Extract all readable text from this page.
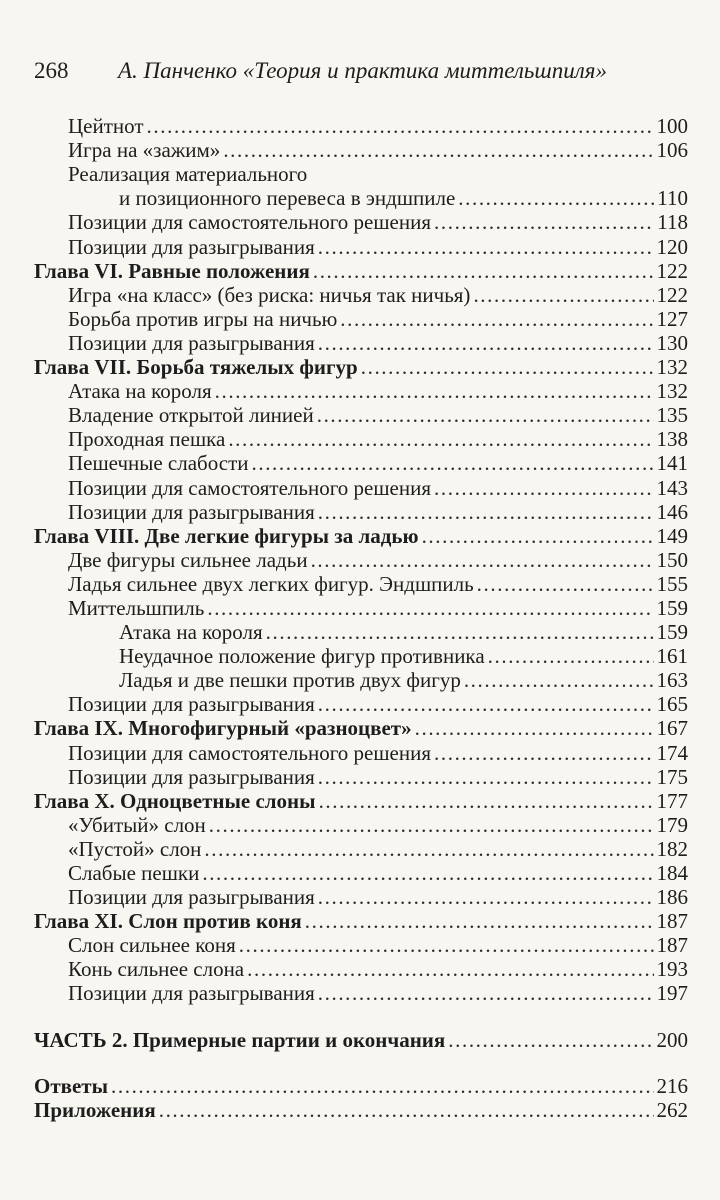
268 А. Панченко «Теория и практика миттельшпиля»
Цейтнот .....	100
Игра на «зажим» .....	106
Реализация материального
и позиционного перевеса в эндшпиле .....	110
Позиции для самостоятельного решения .....	118
Позиции для разыгрывания .....	120
Глава VI. Равные положения .....	122
Игра «на класс» (без риска: ничья так ничья) .....	122
Борьба против игры на ничью .....	127
Позиции для разыгрывания .....	130
Глава VII. Борьба тяжелых фигур .....	132
Атака на короля .....	132
Владение открытой линией .....	135
Проходная пешка .....	138
Пешечные слабости .....	141
Позиции для самостоятельного решения .....	143
Позиции для разыгрывания .....	146
Глава VIII. Две легкие фигуры за ладью .....	149
Две фигуры сильнее ладьи .....	150
Ладья сильнее двух легких фигур. Эндшпиль .....	155
Миттельшпиль .....	159
Атака на короля .....	159
Неудачное положение фигур противника .....	161
Ладья и две пешки против двух фигур .....	163
Позиции для разыгрывания .....	165
Глава IX. Многофигурный «разноцвет» .....	167
Позиции для самостоятельного решения .....	174
Позиции для разыгрывания .....	175
Глава X. Одноцветные слоны .....	177
«Убитый» слон .....	179
«Пустой» слон .....	182
Слабые пешки .....	184
Позиции для разыгрывания .....	186
Глава XI. Слон против коня .....	187
Слон сильнее коня .....	187
Конь сильнее слона .....	193
Позиции для разыгрывания .....	197
ЧАСТЬ 2. Примерные партии и окончания .....	200
Ответы .....	216
Приложения .....	262
